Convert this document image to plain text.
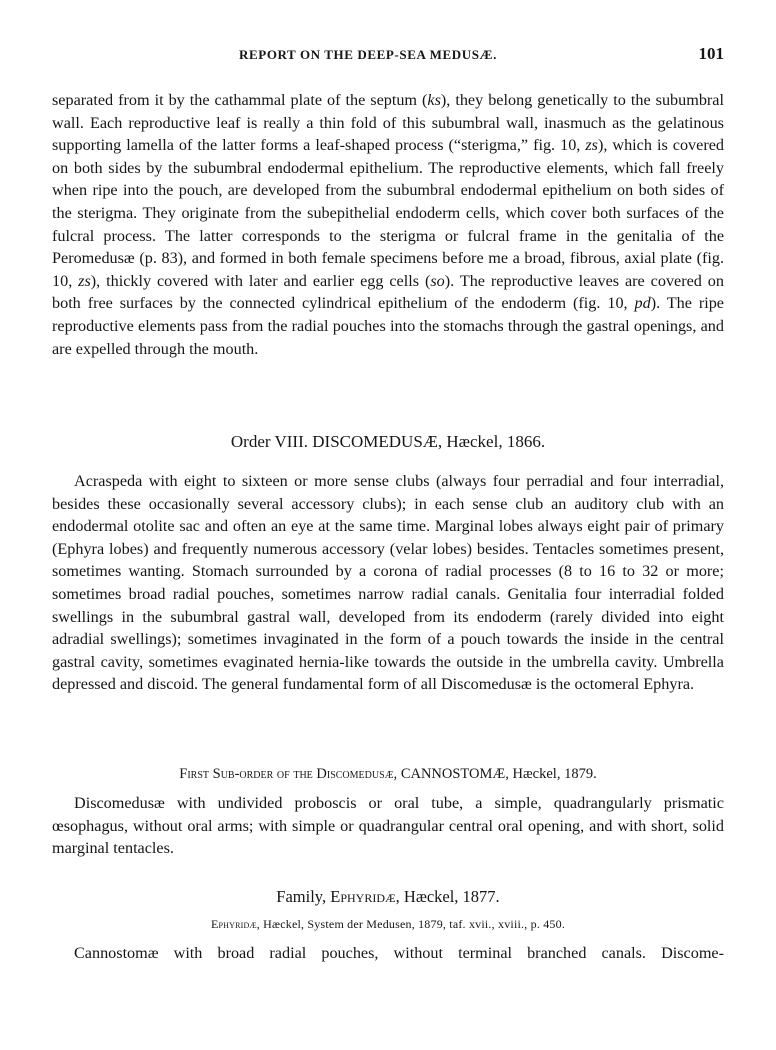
REPORT ON THE DEEP-SEA MEDUSÆ.	101

separated from it by the cathammal plate of the septum (ks), they belong genetically to the subumbral wall. Each reproductive leaf is really a thin fold of this subumbral wall, inasmuch as the gelatinous supporting lamella of the latter forms a leaf-shaped process (“sterigma,” fig. 10, zs), which is covered on both sides by the subumbral endodermal epithelium. The reproductive elements, which fall freely when ripe into the pouch, are developed from the subumbral endodermal epithelium on both sides of the sterigma. They originate from the subepithelial endoderm cells, which cover both surfaces of the fulcral process. The latter corresponds to the sterigma or fulcral frame in the genitalia of the Peromedusæ (p. 83), and formed in both female specimens before me a broad, fibrous, axial plate (fig. 10, zs), thickly covered with later and earlier egg cells (so). The reproductive leaves are covered on both free surfaces by the connected cylindrical epithelium of the endoderm (fig. 10, pd). The ripe reproductive elements pass from the radial pouches into the stomachs through the gastral openings, and are expelled through the mouth.

Order VIII. DISCOMEDUSÆ, Hæckel, 1866.

Acraspeda with eight to sixteen or more sense clubs (always four perradial and four interradial, besides these occasionally several accessory clubs); in each sense club an auditory club with an endodermal otolite sac and often an eye at the same time. Marginal lobes always eight pair of primary (Ephyra lobes) and frequently numerous accessory (velar lobes) besides. Tentacles sometimes present, sometimes wanting. Stomach surrounded by a corona of radial processes (8 to 16 to 32 or more; sometimes broad radial pouches, sometimes narrow radial canals. Genitalia four interradial folded swellings in the subumbral gastral wall, developed from its endoderm (rarely divided into eight adradial swellings); sometimes invaginated in the form of a pouch towards the inside in the central gastral cavity, sometimes evaginated hernia-like towards the outside in the umbrella cavity. Umbrella depressed and discoid. The general fundamental form of all Discomedusæ is the octomeral Ephyra.

First Sub-order of the Discomedusæ, CANNOSTOMÆ, Hæckel, 1879.

Discomedusæ with undivided proboscis or oral tube, a simple, quadrangularly prismatic œsophagus, without oral arms; with simple or quadrangular central oral opening, and with short, solid marginal tentacles.

Family, Ephyridæ, Hæckel, 1877.
Ephyridæ, Hæckel, System der Medusen, 1879, taf. xvii., xviii., p. 450.

Cannostomæ with broad radial pouches, without terminal branched canals. Discome-
